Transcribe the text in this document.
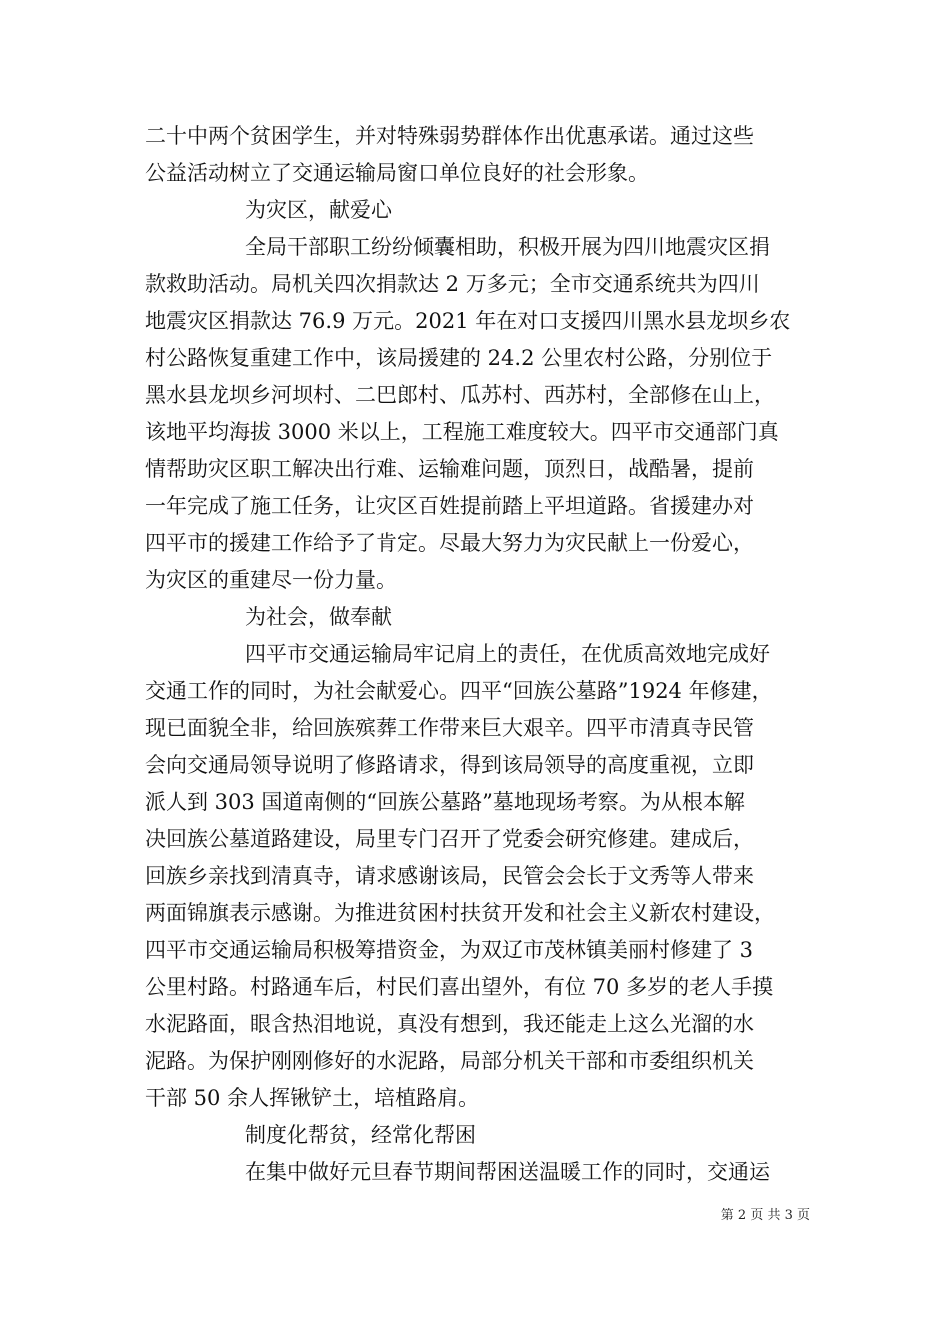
二十中两个贫困学生，并对特殊弱势群体作出优惠承诺。通过这些
公益活动树立了交通运输局窗口单位良好的社会形象。
为灾区，献爱心
全局干部职工纷纷倾囊相助，积极开展为四川地震灾区捐
款救助活动。局机关四次捐款达 2 万多元；全市交通系统共为四川
地震灾区捐款达 76.9 万元。2021 年在对口支援四川黑水县龙坝乡农
村公路恢复重建工作中，该局援建的 24.2 公里农村公路，分别位于
黑水县龙坝乡河坝村、二巴郎村、瓜苏村、西苏村，全部修在山上，
该地平均海拔 3000 米以上，工程施工难度较大。四平市交通部门真
情帮助灾区职工解决出行难、运输难问题，顶烈日，战酷暑，提前
一年完成了施工任务，让灾区百姓提前踏上平坦道路。省援建办对
四平市的援建工作给予了肯定。尽最大努力为灾民献上一份爱心，
为灾区的重建尽一份力量。
为社会，做奉献
四平市交通运输局牢记肩上的责任，在优质高效地完成好
交通工作的同时，为社会献爱心。四平“回族公墓路”1924 年修建，
现已面貌全非，给回族殡葬工作带来巨大艰辛。四平市清真寺民管
会向交通局领导说明了修路请求，得到该局领导的高度重视，立即
派人到 303 国道南侧的“回族公墓路”墓地现场考察。为从根本解
决回族公墓道路建设，局里专门召开了党委会研究修建。建成后，
回族乡亲找到清真寺，请求感谢该局，民管会会长于文秀等人带来
两面锦旗表示感谢。为推进贫困村扶贫开发和社会主义新农村建设，
四平市交通运输局积极筹措资金，为双辽市茂林镇美丽村修建了 3
公里村路。村路通车后，村民们喜出望外，有位 70 多岁的老人手摸
水泥路面，眼含热泪地说，真没有想到，我还能走上这么光溜的水
泥路。为保护刚刚修好的水泥路，局部分机关干部和市委组织机关
干部 50 余人挥锹铲土，培植路肩。
制度化帮贫，经常化帮困
在集中做好元旦春节期间帮困送温暖工作的同时，交通运
第 2 页 共 3 页
